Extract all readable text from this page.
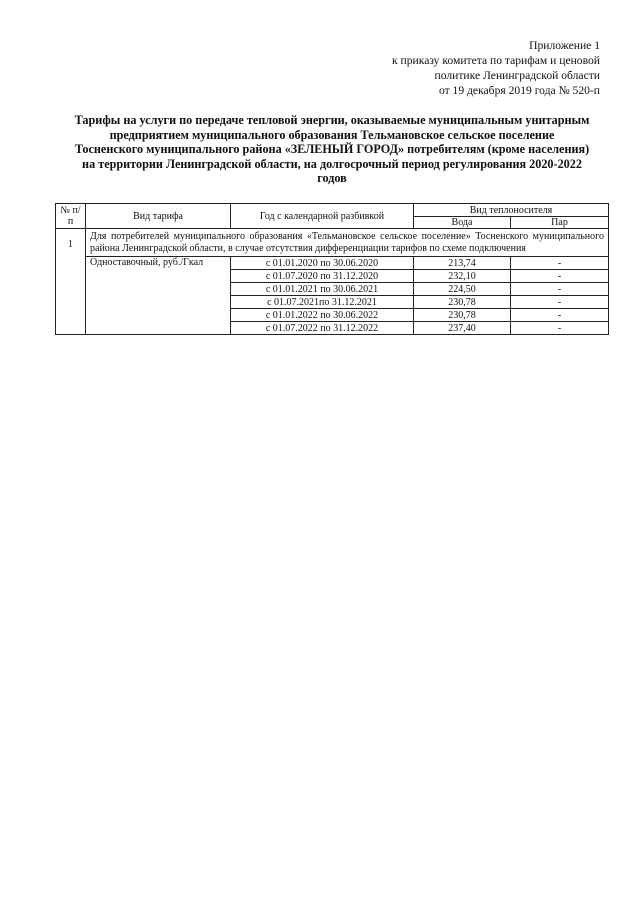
Приложение 1
к приказу комитета по тарифам и ценовой
политике Ленинградской области
от 19 декабря 2019 года № 520-п
Тарифы на услуги по передаче тепловой энергии, оказываемые муниципальным унитарным
предприятием муниципального образования Тельмановское сельское поселение
Тосненского муниципального района «ЗЕЛЕНЫЙ ГОРОД» потребителям (кроме населения)
на территории Ленинградской области, на долгосрочный период регулирования 2020-2022
годов
№ п/п	Вид тарифа	Год с календарной разбивкой	Вид теплоносителя	
			Вода	Пар
1	Для потребителей муниципального образования «Тельмановское сельское поселение» Тосненского муниципального района Ленинградской области, в случае отсутствия дифференциации тарифов по схеме подключения			
	Одноставочный, руб./Гкал	с 01.01.2020 по 30.06.2020	213,74	-
		с 01.07.2020 по 31.12.2020	232,10	-
		с 01.01.2021 по 30.06.2021	224,50	-
		с 01.07.2021по 31.12.2021	230,78	-
		с 01.01.2022 по 30.06.2022	230,78	-
		с 01.07.2022 по 31.12.2022	237,40	-
